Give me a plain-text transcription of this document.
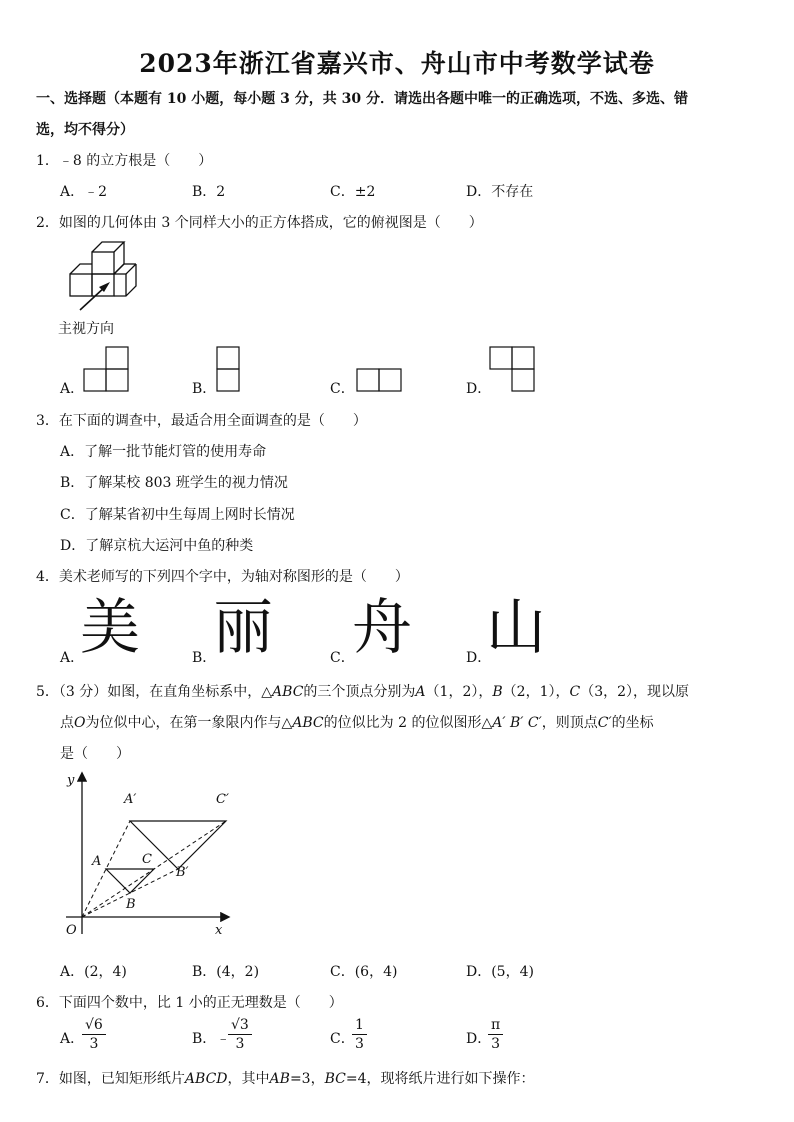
2023年浙江省嘉兴市、舟山市中考数学试卷
一、选择题（本题有 10 小题，每小题 3 分，共 30 分．请选出各题中唯一的正确选项，不选、多选、错
选，均不得分）
1．﹣8 的立方根是（　　）
A．﹣2	B．2	C．±2	D．不存在
2．如图的几何体由 3 个同样大小的正方体搭成，它的俯视图是（　　）
主视方向
A．	B．	C．	D．
3．在下面的调查中，最适合用全面调查的是（　　）
A．了解一批节能灯管的使用寿命
B．了解某校 803 班学生的视力情况
C．了解某省初中生每周上网时长情况
D．了解京杭大运河中鱼的种类
4．美术老师写的下列四个字中，为轴对称图形的是（　　）
美 丽 舟 山
A．	B．	C．	D．
5．（3 分）如图，在直角坐标系中，△ABC的三个顶点分别为A（1，2），B（2，1），C（3，2），现以原
点O为位似中心，在第一象限内作与△ABC的位似比为 2 的位似图形△A′ B′ C′，则顶点C′的坐标
是（　　）
y
x
O
A
B
C
A′
B′
C′
A．(2，4)	B．(4，2)	C．(6，4)	D．(5，4)
6．下面四个数中，比 1 小的正无理数是（　　）
A．
$\frac{√6}{3}$	B．﹣
$\frac{√3}{3}$	C．
$\frac{1}{3}$	D．
$\frac{\pi}{3}$
7．如图，已知矩形纸片ABCD，其中AB=3，BC=4，现将纸片进行如下操作：
